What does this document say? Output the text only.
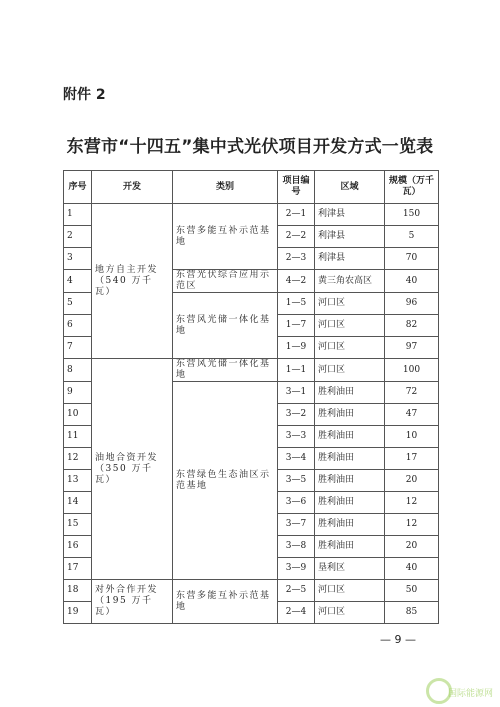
附件 2
东营市“十四五”集中式光伏项目开发方式一览表
序号	开发	类别	项目编号	区域	规模（万千瓦）
1	地方自主开发（540 万千瓦）	东营多能互补示范基地	2—1	利津县	150
2			2—2	利津县	5
3			2—3	利津县	70
4		东营光伏综合应用示范区	4—2	黄三角农高区	40
5		东营风光储一体化基地	1—5	河口区	96
6			1—7	河口区	82
7			1—9	河口区	97
8	油地合资开发（350 万千瓦）	东营风光储一体化基地	1—1	河口区	100
9		东营绿色生态油区示范基地	3—1	胜利油田	72
10			3—2	胜利油田	47
11			3—3	胜利油田	10
12			3—4	胜利油田	17
13			3—5	胜利油田	20
14			3—6	胜利油田	12
15			3—7	胜利油田	12
16			3—8	胜利油田	20
17			3—9	垦利区	40
18	对外合作开发（195 万千瓦）	东营多能互补示范基地	2—5	河口区	50
19			2—4	河口区	85
— 9 —
国际能源网
